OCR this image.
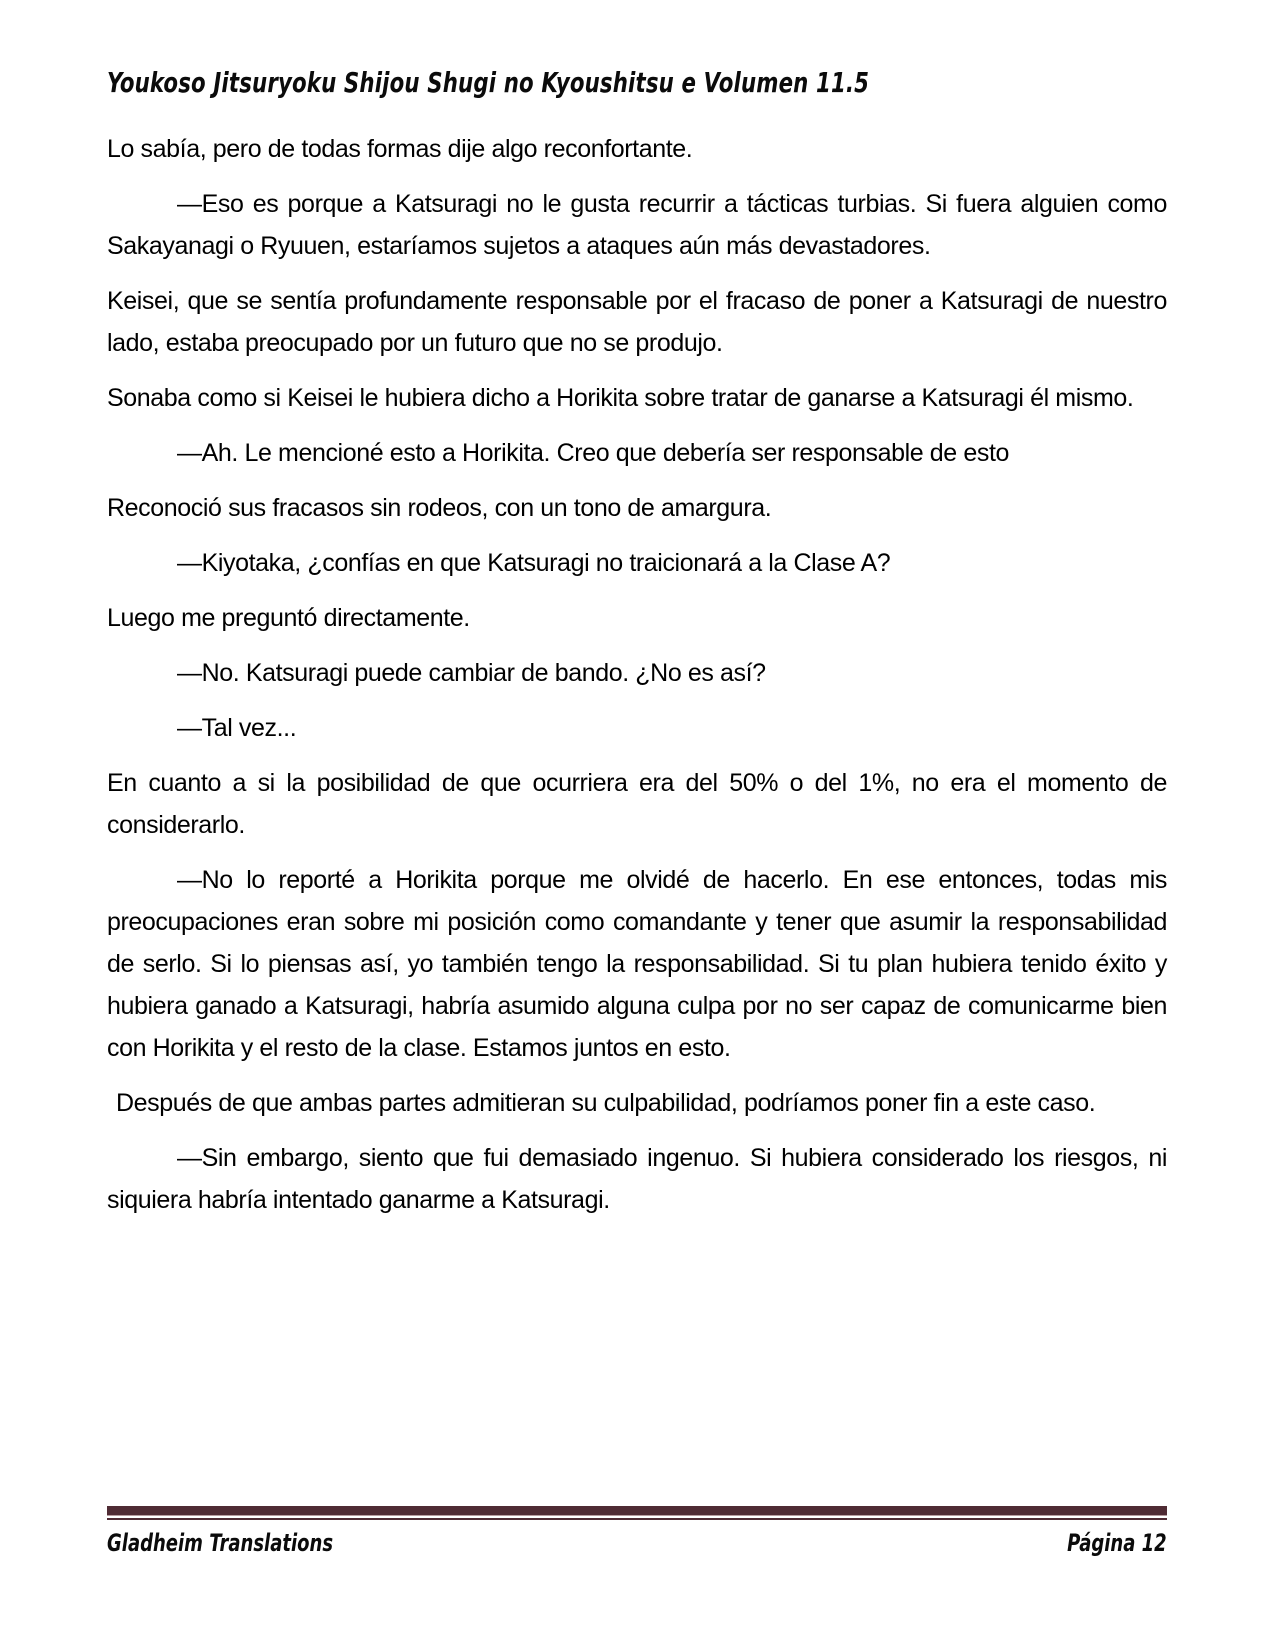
Youkoso Jitsuryoku Shijou Shugi no Kyoushitsu e Volumen 11.5

Lo sabía, pero de todas formas dije algo reconfortante.

—Eso es porque a Katsuragi no le gusta recurrir a tácticas turbias. Si fuera alguien como Sakayanagi o Ryuuen, estaríamos sujetos a ataques aún más devastadores.

Keisei, que se sentía profundamente responsable por el fracaso de poner a Katsuragi de nuestro lado, estaba preocupado por un futuro que no se produjo.

Sonaba como si Keisei le hubiera dicho a Horikita sobre tratar de ganarse a Katsuragi él mismo.

—Ah. Le mencioné esto a Horikita. Creo que debería ser responsable de esto

Reconoció sus fracasos sin rodeos, con un tono de amargura.

—Kiyotaka, ¿confías en que Katsuragi no traicionará a la Clase A?

Luego me preguntó directamente.

—No. Katsuragi puede cambiar de bando. ¿No es así?

—Tal vez...

En cuanto a si la posibilidad de que ocurriera era del 50% o del 1%, no era el momento de considerarlo.

—No lo reporté a Horikita porque me olvidé de hacerlo. En ese entonces, todas mis preocupaciones eran sobre mi posición como comandante y tener que asumir la responsabilidad de serlo. Si lo piensas así, yo también tengo la responsabilidad. Si tu plan hubiera tenido éxito y hubiera ganado a Katsuragi, habría asumido alguna culpa por no ser capaz de comunicarme bien con Horikita y el resto de la clase. Estamos juntos en esto.

Después de que ambas partes admitieran su culpabilidad, podríamos poner fin a este caso.

—Sin embargo, siento que fui demasiado ingenuo. Si hubiera considerado los riesgos, ni siquiera habría intentado ganarme a Katsuragi.

Gladheim Translations	Página 12
